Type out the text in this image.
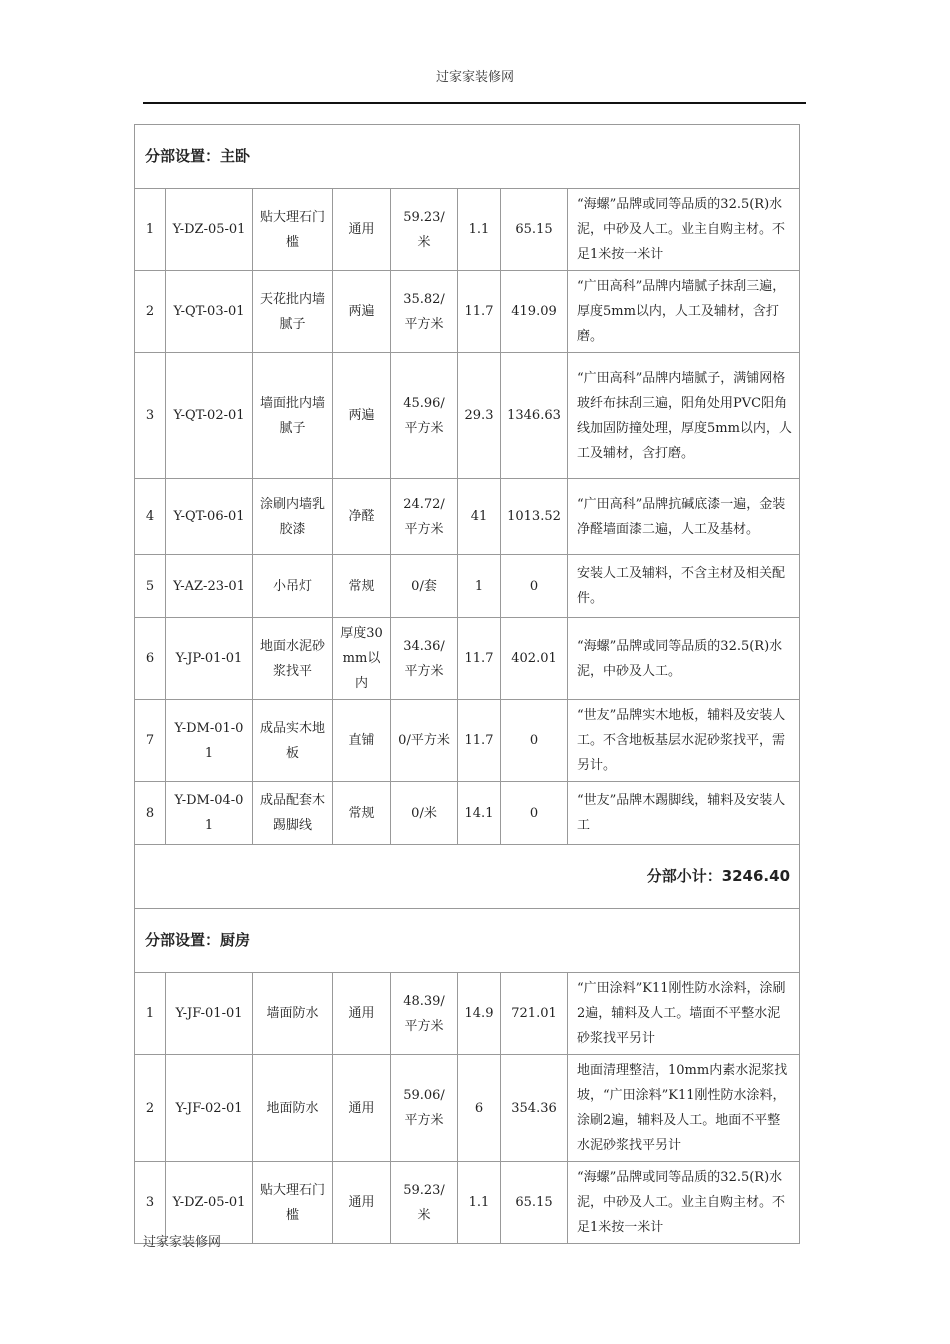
过家家装修网
分部设置：主卧							
1	Y-DZ-05-01	贴大理石门槛	通用	59.23/米	1.1	65.15	“海螺”品牌或同等品质的32.5(R)水泥，中砂及人工。业主自购主材。不足1米按一米计
2	Y-QT-03-01	天花批内墙腻子	两遍	35.82/平方米	11.7	419.09	“广田高科”品牌内墙腻子抹刮三遍，厚度5mm以内，人工及辅材，含打磨。
3	Y-QT-02-01	墙面批内墙腻子	两遍	45.96/平方米	29.3	1346.63	“广田高科”品牌内墙腻子，满铺网格玻纤布抹刮三遍，阳角处用PVC阳角线加固防撞处理，厚度5mm以内，人工及辅材，含打磨。
4	Y-QT-06-01	涂刷内墙乳胶漆	净醛	24.72/平方米	41	1013.52	“广田高科”品牌抗碱底漆一遍，金装净醛墙面漆二遍，人工及基材。
5	Y-AZ-23-01	小吊灯	常规	0/套	1	0	安装人工及辅料，不含主材及相关配件。
6	Y-JP-01-01	地面水泥砂浆找平	厚度30mm以内	34.36/平方米	11.7	402.01	“海螺”品牌或同等品质的32.5(R)水泥，中砂及人工。
7	Y-DM-01-01	成品实木地板	直铺	0/平方米	11.7	0	“世友”品牌实木地板，辅料及安装人工。不含地板基层水泥砂浆找平，需另计。
8	Y-DM-04-01	成品配套木踢脚线	常规	0/米	14.1	0	“世友”品牌木踢脚线，辅料及安装人工
分部小计：3246.40							
分部设置：厨房							
1	Y-JF-01-01	墙面防水	通用	48.39/平方米	14.9	721.01	“广田涂料”K11刚性防水涂料，涂刷2遍，辅料及人工。墙面不平整水泥砂浆找平另计
2	Y-JF-02-01	地面防水	通用	59.06/平方米	6	354.36	地面清理整洁，10mm内素水泥浆找坡，“广田涂料”K11刚性防水涂料，涂刷2遍，辅料及人工。地面不平整水泥砂浆找平另计
3	Y-DZ-05-01	贴大理石门槛	通用	59.23/米	1.1	65.15	“海螺”品牌或同等品质的32.5(R)水泥，中砂及人工。业主自购主材。不足1米按一米计
过家家装修网
